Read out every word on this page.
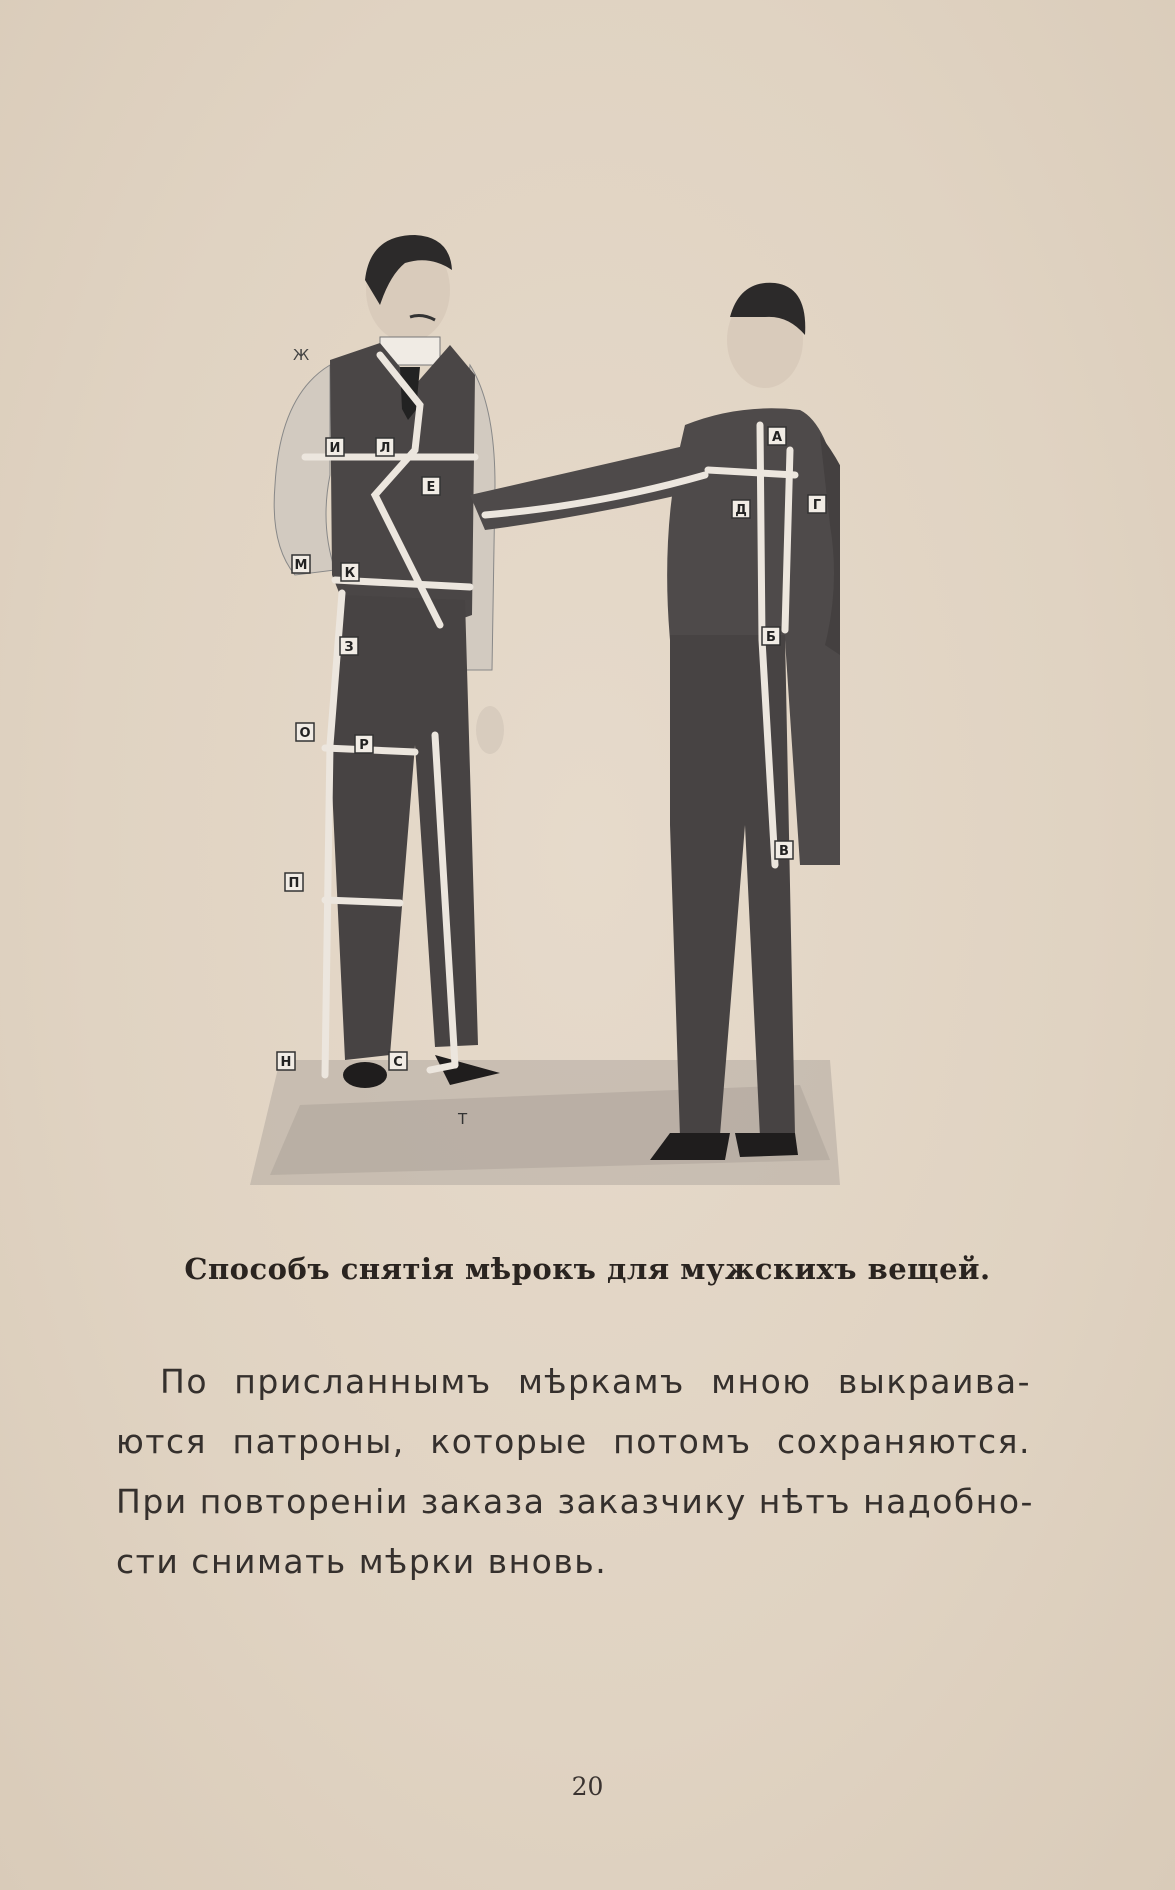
Ж
И	Л
Е
М
К
З
О
Р
П
Н	С
Т
А
Д	Г
Б
В
Способъ снятія мѣрокъ для мужскихъ вещей.
По присланнымъ мѣркамъ мною выкраива-
ются патроны, которые потомъ сохраняются.
При повтореніи заказа заказчику нѣтъ надобно-
сти снимать мѣрки вновь.
20
